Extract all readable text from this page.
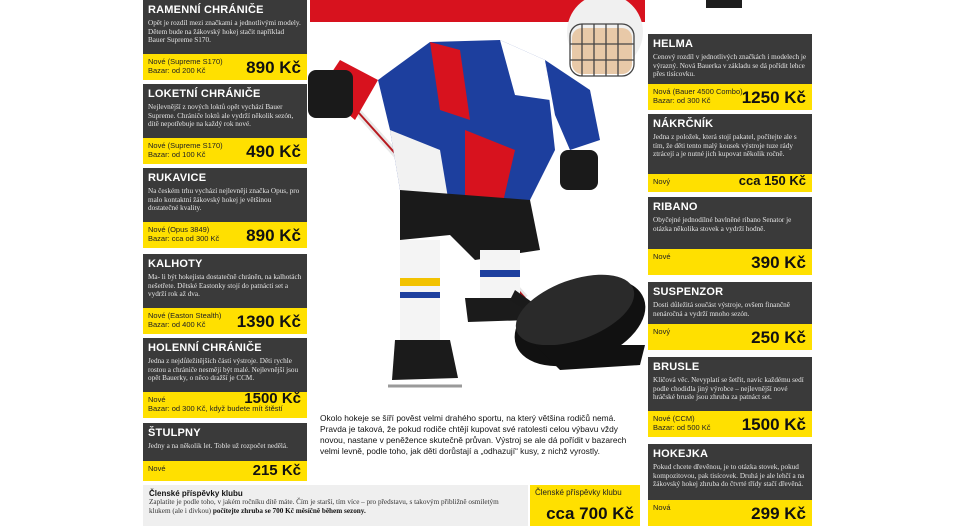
RAMENNÍ CHRÁNIČE
Opět je rozdíl mezi značkami a jednotlivými modely. Dětem bude na žákovský hokej stačit například Bauer Supreme S170.
Nové (Supreme S170)
Bazar: od 200 Kč	890 Kč
LOKETNÍ CHRÁNIČE
Nejlevnější z nových loktů opět vychází Bauer Supreme. Chrániče loktů ale vydrží několik sezón, dítě nepotřebuje na každý rok nové.
Nové (Supreme S170)
Bazar: od 100 Kč	490 Kč
RUKAVICE
Na českém trhu vychází nejlevněji značka Opus, pro malo kontaktní žákovský hokej je většinou dostatečné kvality.
Nové (Opus 3849)
Bazar: cca od 300 Kč	890 Kč
KALHOTY
Ma- li být hokejista dostatečně chráněn, na kalhotách nešetřete. Dětské Eastonky stojí do patnácti set a vydrží rok až dva.
Nové (Easton Stealth)
Bazar: od 400 Kč	1390 Kč
HOLENNÍ CHRÁNIČE
Jedna z nejdůležitějších částí výstroje. Děti rychle rostou a chrániče nesmějí být malé. Nejlevnější jsou opět Bauerky, o něco dražší je CCM.
Nové
Bazar: od 300 Kč, když budete mít štěstí
1500 Kč
ŠTULPNY
Jedny a na několik let. Toble už rozpočet nedělá.
Nové	215 Kč
HELMA
Cenový rozdíl v jednotlivých značkách i modelech je výrazný. Nová Bauerka v základu se dá pořídit lehce přes tisícovku.
Nová (Bauer 4500 Combo)
Bazar: od 300 Kč	1250 Kč
NÁKRČNÍK
Jedna z položek, která stojí pakatel, počítejte ale s tím, že děti tento malý kousek výstroje tuze rády ztrácejí a je nutné jich kupovat několik ročně.
Nový	cca 150 Kč
RIBANO
Obyčejné jednodílné bavlněné ribano Senator je otázka několika stovek a vydrží hodně.
Nové	390 Kč
SUSPENZOR
Dosti důležitá součást výstroje, ovšem finančně nenáročná a vydrží mnoho sezón.
Nový	250 Kč
BRUSLE
Klíčová věc. Nevyplatí se šetřit, navíc každému sedí podle chodidla jiný výrobce – nejlevnější nové hráčské brusle jsou zhruba za patnáct set.
Nové (CCM)
Bazar: od 500 Kč	1500 Kč
HOKEJKA
Pokud chcete dřevěnou, je to otázka stovek, pokud kompozitovou, pak tisícovek. Druhá je ale lehčí a na žákovský hokej zhruba do čtvrté třídy stačí dřevěná.
Nová	299 Kč
Okolo hokeje se šíří pověst velmi drahého sportu, na který většina rodičů nemá. Pravda je taková, že pokud rodiče chtějí kupovat své ratolesti celou výbavu vždy novou, nastane v peněžence skutečně průvan. Výstroj se ale dá pořídit v bazarech velmi levně, podle toho, jak děti dorůstají a „odhazují“ kusy, z nichž vyrostly.
Členské příspěvky klubu
Zaplatíte je podle toho, v jakém ročníku dítě máte. Čím je starší, tím více – pro představu, s takovým přibližně osmiletým klukem (ale i dívkou) počítejte zhruba se 700 Kč měsíčně během sezony.
Členské příspěvky klubu
cca 700 Kč
